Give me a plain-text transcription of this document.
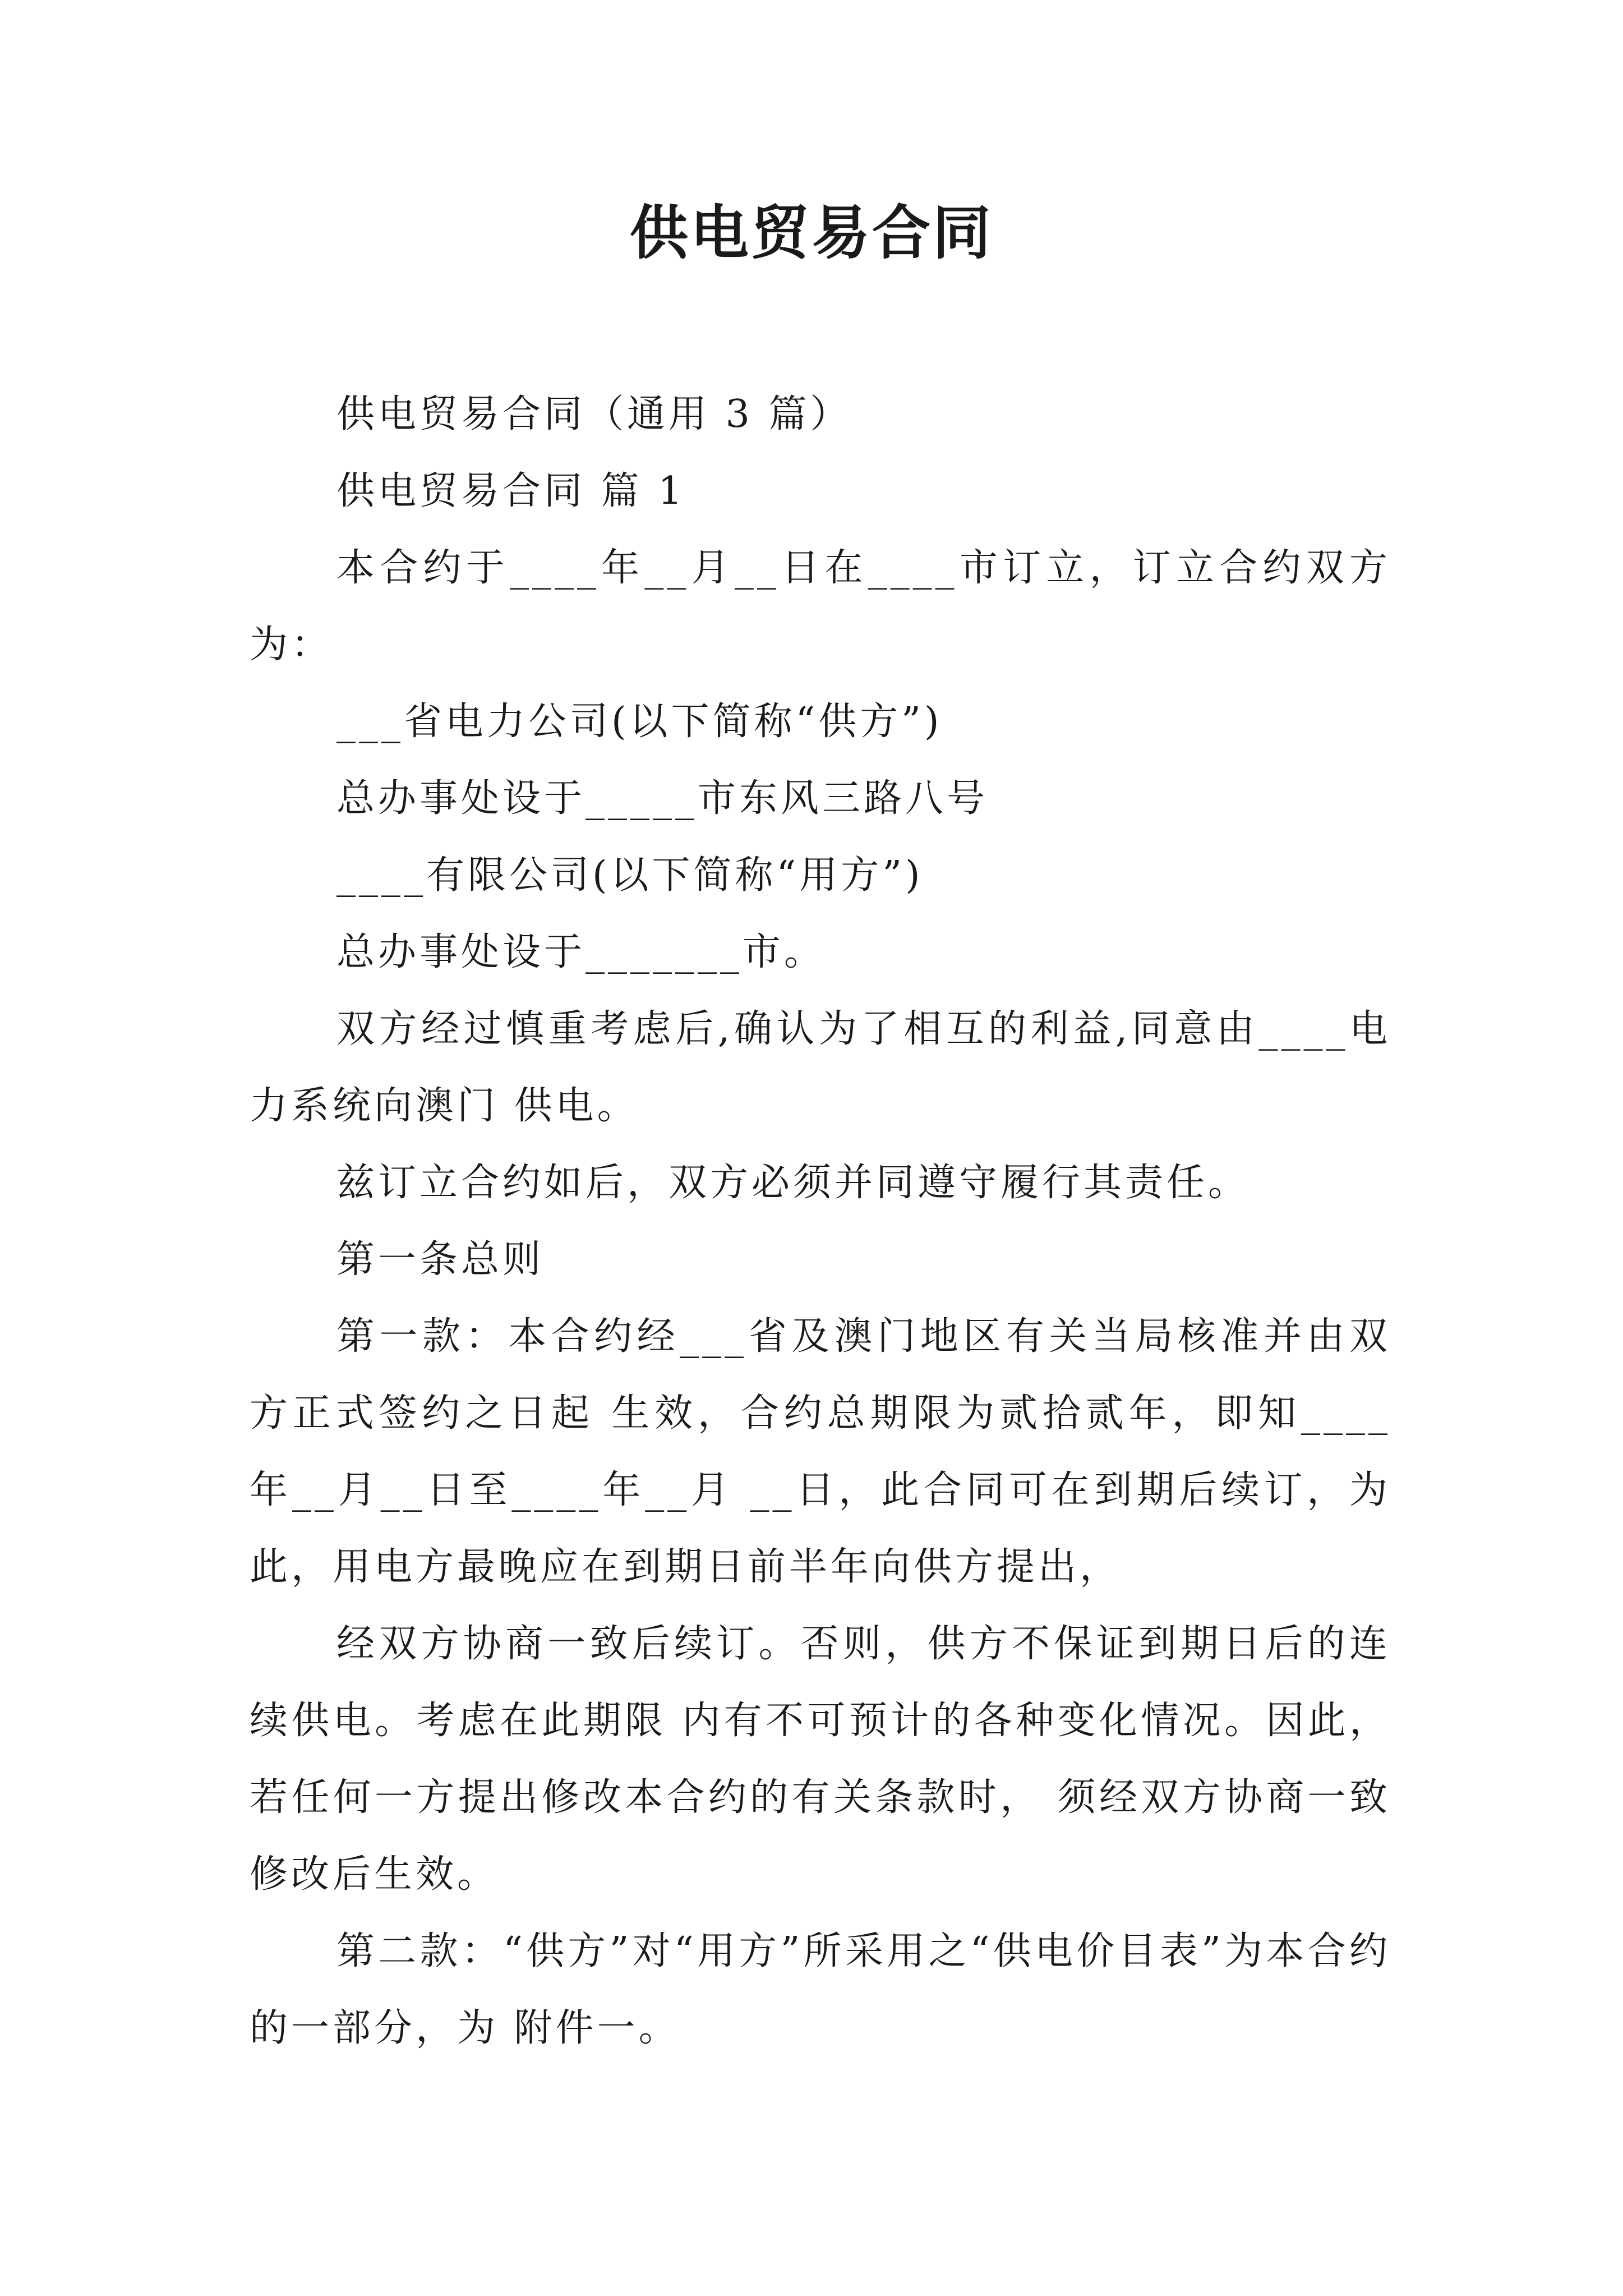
供电贸易合同

供电贸易合同（通用 3 篇）

供电贸易合同 篇 1

本合约于____年__月__日在____市订立，订立合约双方为：

___省电力公司(以下简称“供方”)

总办事处设于_____市东风三路八号

____有限公司(以下简称“用方”)

总办事处设于_______市。

双方经过慎重考虑后,确认为了相互的利益,同意由____电力系统向澳门 供电。

兹订立合约如后，双方必须并同遵守履行其责任。

第一条总则

第一款：本合约经___省及澳门地区有关当局核准并由双方正式签约之日起 生效，合约总期限为贰拾贰年，即知____年__月__日至____年__月 __日，此合同可在到期后续订，为此，用电方最晚应在到期日前半年向供方提出，

经双方协商一致后续订。否则，供方不保证到期日后的连续供电。考虑在此期限 内有不可预计的各种变化情况。因此，若任何一方提出修改本合约的有关条款时， 须经双方协商一致修改后生效。

第二款：“供方”对“用方”所采用之“供电价目表”为本合约的一部分，为 附件一。
